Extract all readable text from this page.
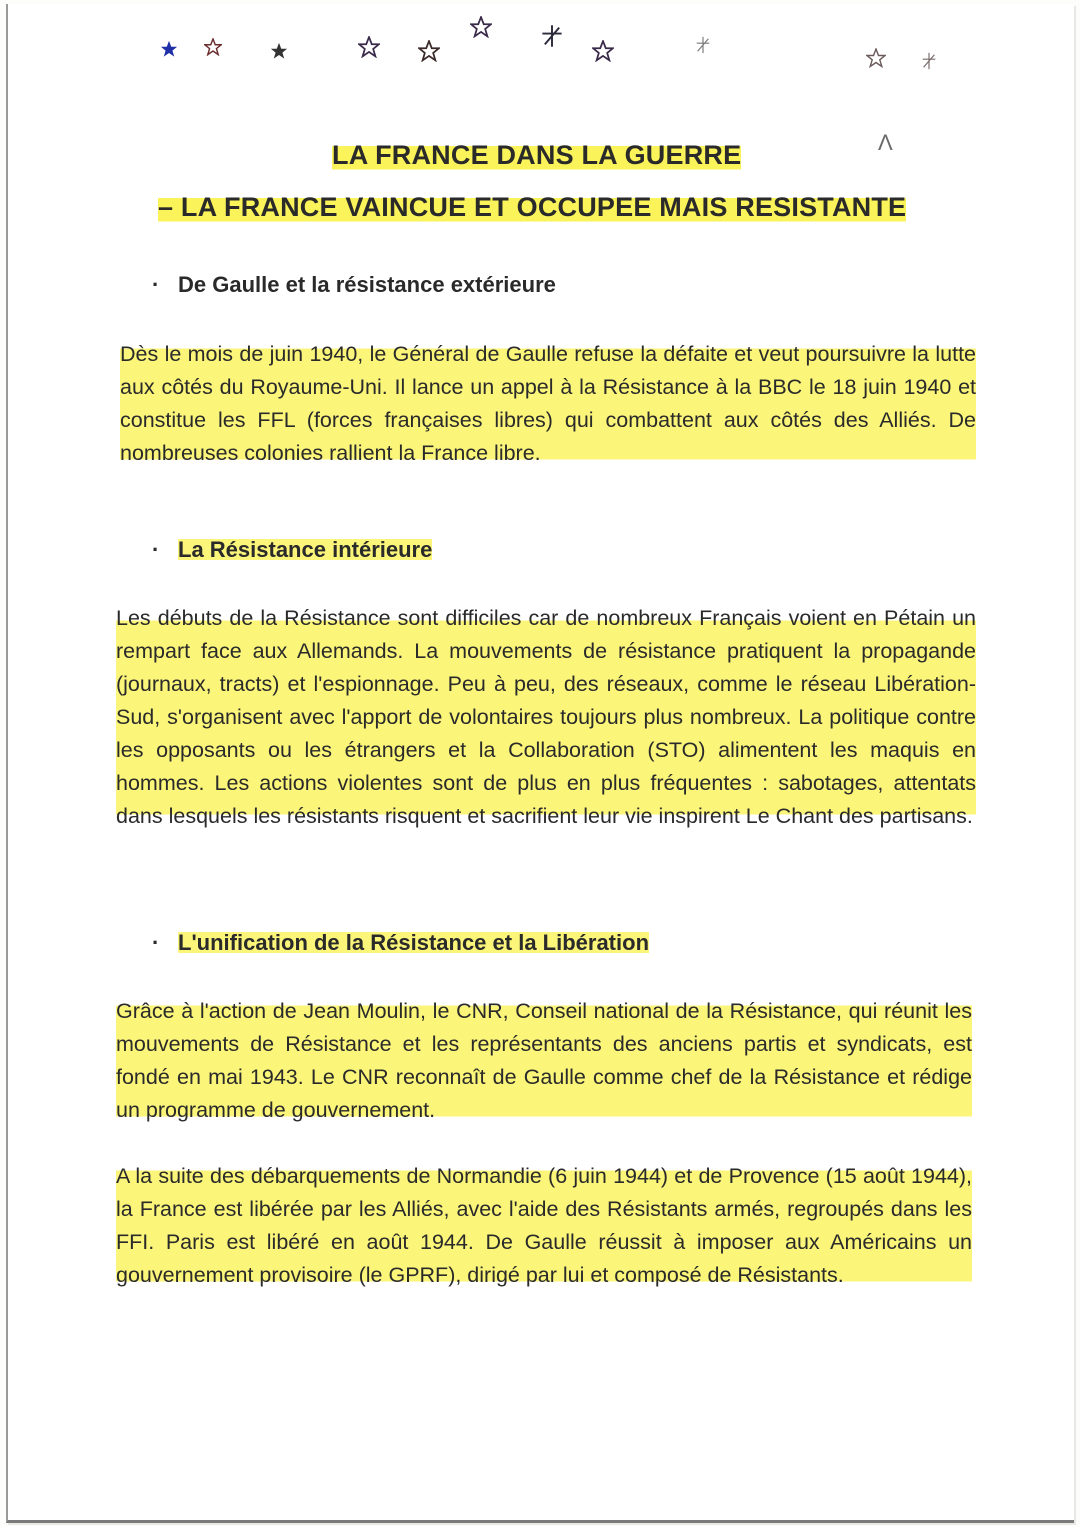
Λ
LA FRANCE DANS LA GUERRE
– LA FRANCE VAINCUE ET OCCUPEE MAIS RESISTANTE
· De Gaulle et la résistance extérieure
Dès le mois de juin 1940, le Général de Gaulle refuse la défaite et veut poursuivre la lutte aux côtés du Royaume-Uni. Il lance un appel à la Résistance à la BBC le 18 juin 1940 et constitue les FFL (forces françaises libres) qui combattent aux côtés des Alliés. De nombreuses colonies rallient la France libre.
· La Résistance intérieure
Les débuts de la Résistance sont difficiles car de nombreux Français voient en Pétain un rempart face aux Allemands. La mouvements de résistance pratiquent la propagande (journaux, tracts) et l'espionnage. Peu à peu, des réseaux, comme le réseau Libération-Sud, s'organisent avec l'apport de volontaires toujours plus nombreux. La politique contre les opposants ou les étrangers et la Collaboration (STO) alimentent les maquis en hommes. Les actions violentes sont de plus en plus fréquentes : sabotages, attentats dans lesquels les résistants risquent et sacrifient leur vie inspirent Le Chant des partisans.
· L'unification de la Résistance et la Libération
Grâce à l'action de Jean Moulin, le CNR, Conseil national de la Résistance, qui réunit les mouvements de Résistance et les représentants des anciens partis et syndicats, est fondé en mai 1943. Le CNR reconnaît de Gaulle comme chef de la Résistance et rédige un programme de gouvernement.
A la suite des débarquements de Normandie (6 juin 1944) et de Provence (15 août 1944), la France est libérée par les Alliés, avec l'aide des Résistants armés, regroupés dans les FFI. Paris est libéré en août 1944. De Gaulle réussit à imposer aux Américains un gouvernement provisoire (le GPRF), dirigé par lui et composé de Résistants.
